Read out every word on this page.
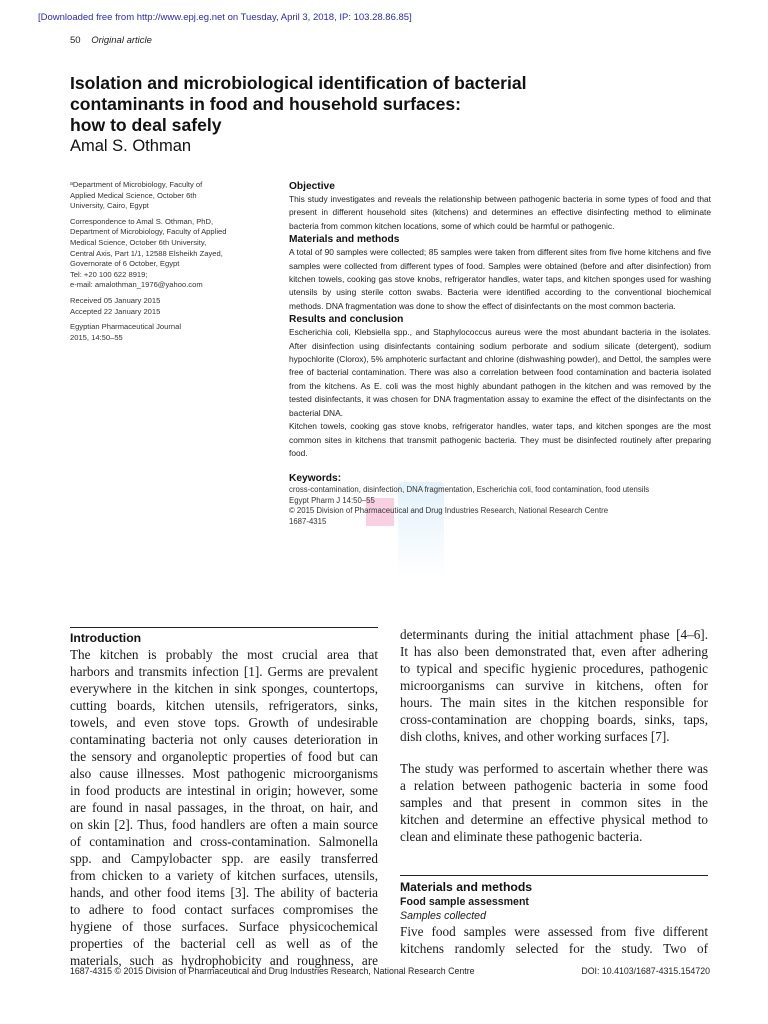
[Downloaded free from http://www.epj.eg.net on Tuesday, April 3, 2018, IP: 103.28.86.85]
50 Original article
Isolation and microbiological identification of bacterial
contaminants in food and household surfaces:
how to deal safely
Amal S. Othman

ᵃDepartment of Microbiology, Faculty of
Applied Medical Science, October 6th
University, Cairo, Egypt

Correspondence to Amal S. Othman, PhD,
Department of Microbiology, Faculty of Applied
Medical Science, October 6th University,
Central Axis, Part 1/1, 12588 Elsheikh Zayed,
Governorate of 6 October, Egypt
Tel: +20 100 622 8919;
e-mail: amalothman_1976@yahoo.com

Received 05 January 2015
Accepted 22 January 2015

Egyptian Pharmaceutical Journal
2015, 14:50–55

Objective

This study investigates and reveals the relationship between pathogenic bacteria in some types of food and that present in different household sites (kitchens) and determines an effective disinfecting method to eliminate bacteria from common kitchen locations, some of which could be harmful or pathogenic.

Materials and methods

A total of 90 samples were collected; 85 samples were taken from different sites from five home kitchens and five samples were collected from different types of food. Samples were obtained (before and after disinfection) from kitchen towels, cooking gas stove knobs, refrigerator handles, water taps, and kitchen sponges used for washing utensils by using sterile cotton swabs. Bacteria were identified according to the conventional biochemical methods. DNA fragmentation was done to show the effect of disinfectants on the most common bacteria.

Results and conclusion

Escherichia coli, Klebsiella spp., and Staphylococcus aureus were the most abundant bacteria in the isolates. After disinfection using disinfectants containing sodium perborate and sodium silicate (detergent), sodium hypochlorite (Clorox), 5% amphoteric surfactant and chlorine (dishwashing powder), and Dettol, the samples were free of bacterial contamination. There was also a correlation between food contamination and bacteria isolated from the kitchens. As E. coli was the most highly abundant pathogen in the kitchen and was removed by the tested disinfectants, it was chosen for DNA fragmentation assay to examine the effect of the disinfectants on the bacterial DNA.

Kitchen towels, cooking gas stove knobs, refrigerator handles, water taps, and kitchen sponges are the most common sites in kitchens that transmit pathogenic bacteria. They must be disinfected routinely after preparing food.

Keywords:

cross-contamination, disinfection, DNA fragmentation, Escherichia coli, food contamination, food utensils

Egypt Pharm J 14:50–55

© 2015 Division of Pharmaceutical and Drug Industries Research, National Research Centre

1687-4315

Introduction
The kitchen is probably the most crucial area that
harbors and transmits infection [1]. Germs are prevalent
everywhere in the kitchen in sink sponges, countertops,
cutting boards, kitchen utensils, refrigerators, sinks,
towels, and even stove tops. Growth of undesirable
contaminating bacteria not only causes deterioration in
the sensory and organoleptic properties of food but can
also cause illnesses. Most pathogenic microorganisms
in food products are intestinal in origin; however, some
are found in nasal passages, in the throat, on hair, and
on skin [2]. Thus, food handlers are often a main source
of contamination and cross-contamination. Salmonella
spp. and Campylobacter spp. are easily transferred
from chicken to a variety of kitchen surfaces, utensils,
hands, and other food items [3]. The ability of bacteria
to adhere to food contact surfaces compromises the
hygiene of those surfaces. Surface physicochemical
properties of the bacterial cell as well as of the
materials, such as hydrophobicity and roughness, are
determinants during the initial attachment phase [4–6].
It has also been demonstrated that, even after adhering
to typical and specific hygienic procedures, pathogenic
microorganisms can survive in kitchens, often for
hours. The main sites in the kitchen responsible for
cross-contamination are chopping boards, sinks, taps,
dish cloths, knives, and other working surfaces [7].
The study was performed to ascertain whether there was
a relation between pathogenic bacteria in some food
samples and that present in common sites in the
kitchen and determine an effective physical method to
clean and eliminate these pathogenic bacteria.
Materials and methods

Food sample assessment

Samples collected

Five food samples were assessed from five different
kitchens randomly selected for the study. Two of
1687-4315 © 2015 Division of Pharmaceutical and Drug Industries Research, National Research Centre	DOI: 10.4103/1687-4315.154720
